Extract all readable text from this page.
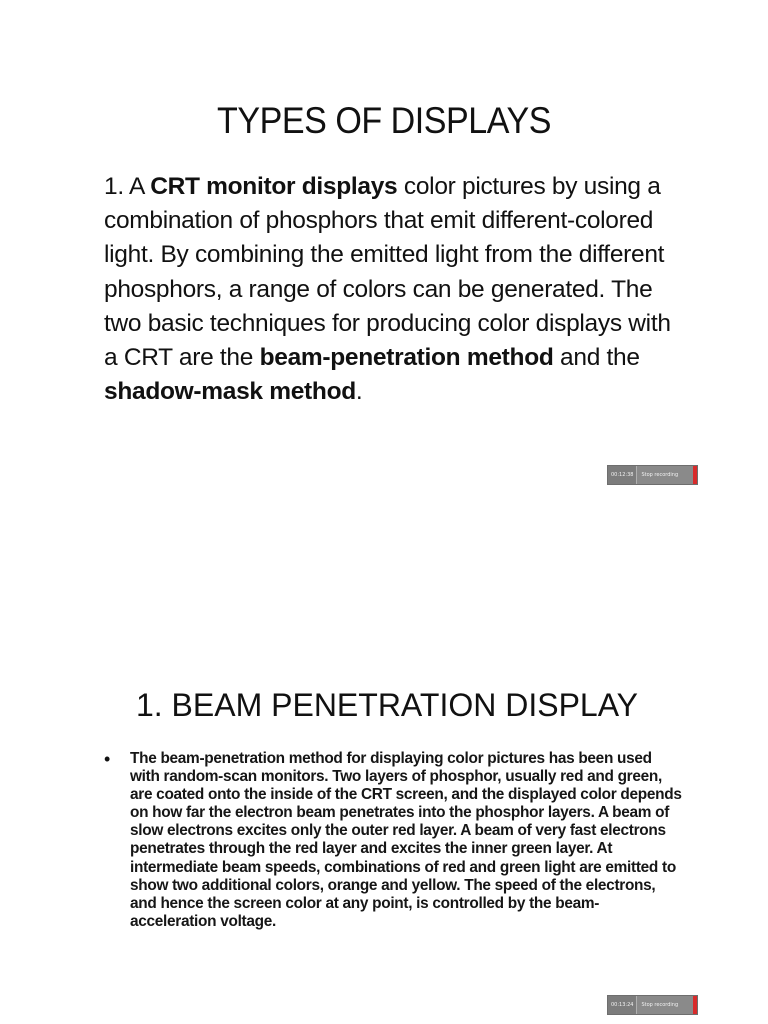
TYPES OF DISPLAYS

1. A CRT monitor displays color pictures by using a combination of phosphors that emit different-colored light. By combining the emitted light from the different phosphors, a range of colors can be generated. The two basic techniques for producing color displays with a CRT are the beam-penetration method and the shadow-mask method.

00:12:38	Stop recording
1. BEAM PENETRATION DISPLAY
• The beam-penetration method for displaying color pictures has been used with random-scan monitors. Two layers of phosphor, usually red and green, are coated onto the inside of the CRT screen, and the displayed color depends on how far the electron beam penetrates into the phosphor layers. A beam of slow electrons excites only the outer red layer. A beam of very fast electrons penetrates through the red layer and excites the inner green layer. At intermediate beam speeds, combinations of red and green light are emitted to show two additional colors, orange and yellow. The speed of the electrons, and hence the screen color at any point, is controlled by the beam-acceleration voltage.

00:13:24	Stop recording
